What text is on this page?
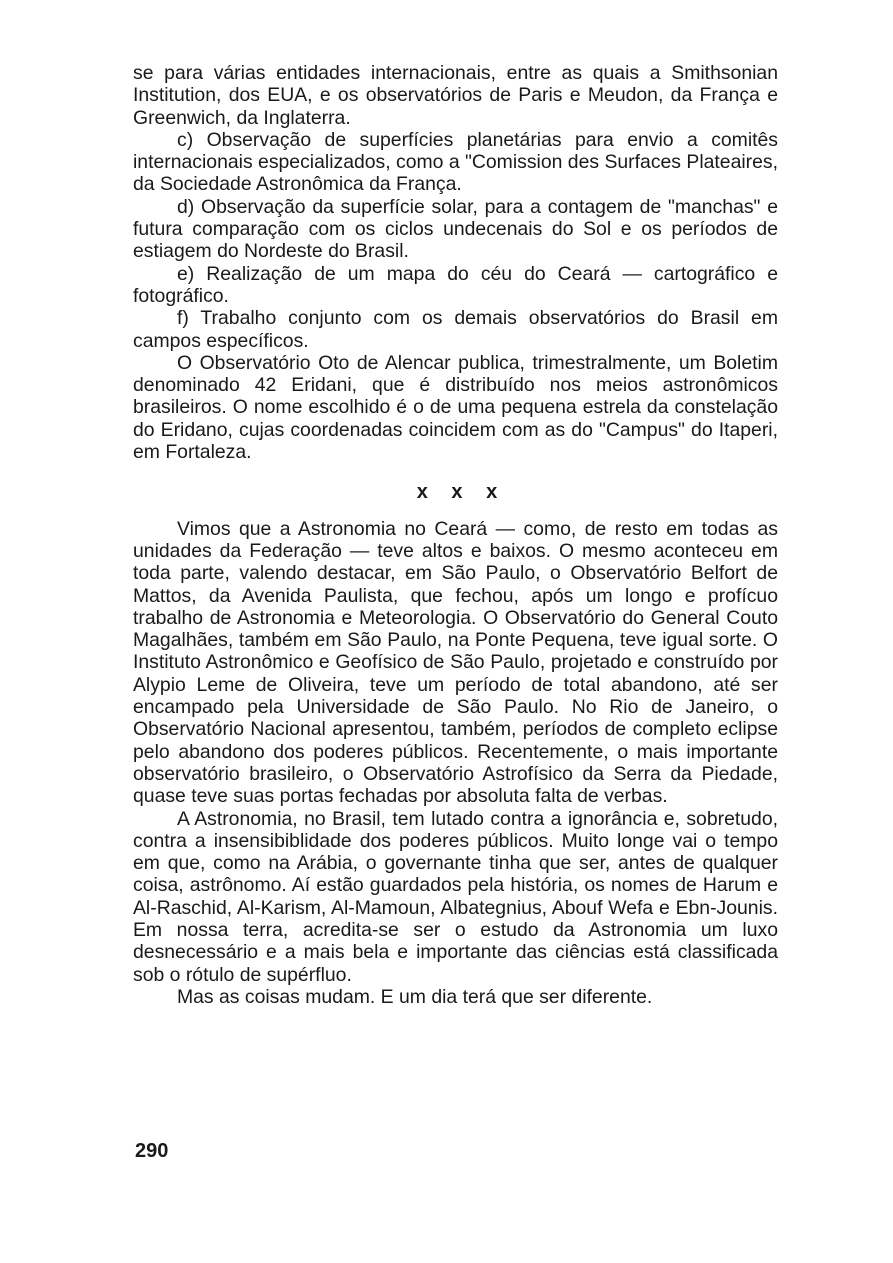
se para várias entidades internacionais, entre as quais a Smithsonian Institution, dos EUA, e os observatórios de Paris e Meudon, da França e Greenwich, da Inglaterra.

c) Observação de superfícies planetárias para envio a comitês internacionais especializados, como a "Comission des Surfaces Plateaires, da Sociedade Astronômica da França.

d) Observação da superfície solar, para a contagem de "manchas" e futura comparação com os ciclos undecenais do Sol e os períodos de estiagem do Nordeste do Brasil.

e) Realização de um mapa do céu do Ceará — cartográfico e fotográfico.

f) Trabalho conjunto com os demais observatórios do Brasil em campos específicos.

O Observatório Oto de Alencar publica, trimestralmente, um Boletim denominado 42 Eridani, que é distribuído nos meios astronômicos brasileiros. O nome escolhido é o de uma pequena estrela da constelação do Eridano, cujas coordenadas coincidem com as do "Campus" do Itaperi, em Fortaleza.

x x x

Vimos que a Astronomia no Ceará — como, de resto em todas as unidades da Federação — teve altos e baixos. O mesmo aconteceu em toda parte, valendo destacar, em São Paulo, o Observatório Belfort de Mattos, da Avenida Paulista, que fechou, após um longo e profícuo trabalho de Astronomia e Meteorologia. O Observatório do General Couto Magalhães, também em São Paulo, na Ponte Pequena, teve igual sorte. O Instituto Astronômico e Geofísico de São Paulo, projetado e construído por Alypio Leme de Oliveira, teve um período de total abandono, até ser encampado pela Universidade de São Paulo. No Rio de Janeiro, o Observatório Nacional apresentou, também, períodos de completo eclipse pelo abandono dos poderes públicos. Recentemente, o mais importante observatório brasileiro, o Observatório Astrofísico da Serra da Piedade, quase teve suas portas fechadas por absoluta falta de verbas.

A Astronomia, no Brasil, tem lutado contra a ignorância e, sobretudo, contra a insensibiblidade dos poderes públicos. Muito longe vai o tempo em que, como na Arábia, o governante tinha que ser, antes de qualquer coisa, astrônomo. Aí estão guardados pela história, os nomes de Harum e Al-Raschid, Al-Karism, Al-Mamoun, Albategnius, Abouf Wefa e Ebn-Jounis. Em nossa terra, acredita-se ser o estudo da Astronomia um luxo desnecessário e a mais bela e importante das ciências está classificada sob o rótulo de supérfluo.

Mas as coisas mudam. E um dia terá que ser diferente.

290
